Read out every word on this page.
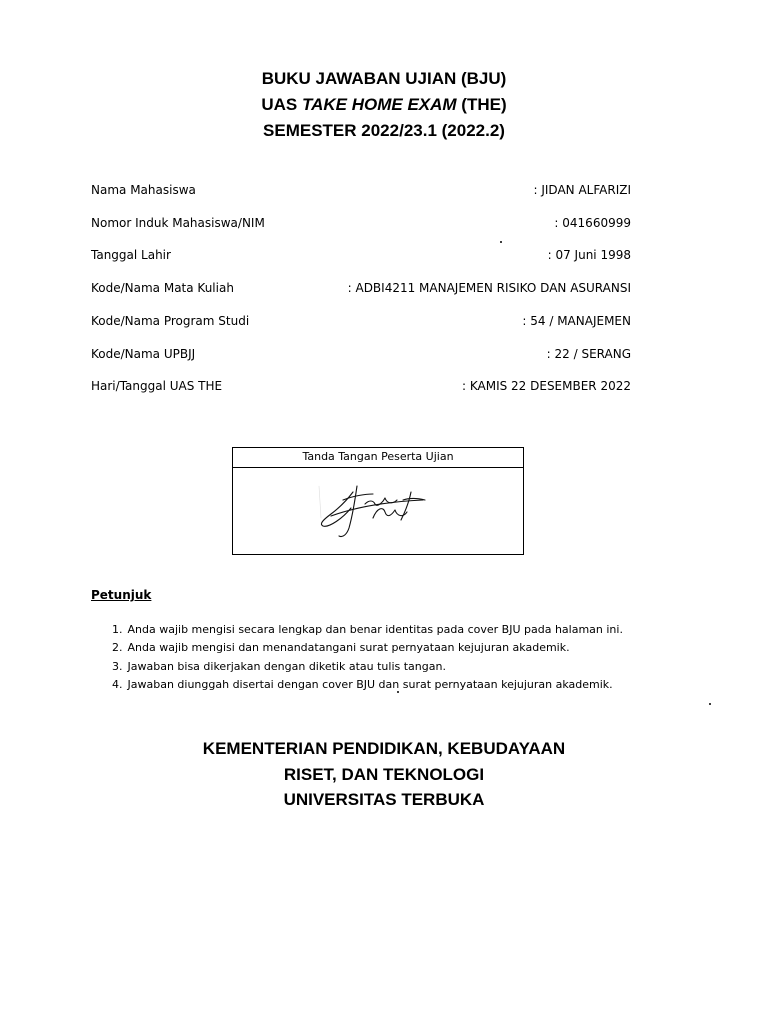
BUKU JAWABAN UJIAN (BJU)
UAS TAKE HOME EXAM (THE)
SEMESTER 2022/23.1 (2022.2)
Nama Mahasiswa	: JIDAN ALFARIZI
Nomor Induk Mahasiswa/NIM	: 041660999
Tanggal Lahir	: 07 Juni 1998
Kode/Nama Mata Kuliah	: ADBI4211 MANAJEMEN RISIKO DAN ASURANSI
Kode/Nama Program Studi	: 54 / MANAJEMEN
Kode/Nama UPBJJ	: 22 / SERANG
Hari/Tanggal UAS THE	: KAMIS 22 DESEMBER 2022
Tanda Tangan Peserta Ujian
Petunjuk
1. Anda wajib mengisi secara lengkap dan benar identitas pada cover BJU pada halaman ini.
2. Anda wajib mengisi dan menandatangani surat pernyataan kejujuran akademik.
3. Jawaban bisa dikerjakan dengan diketik atau tulis tangan.
4. Jawaban diunggah disertai dengan cover BJU dan surat pernyataan kejujuran akademik.
KEMENTERIAN PENDIDIKAN, KEBUDAYAAN
RISET, DAN TEKNOLOGI
UNIVERSITAS TERBUKA
